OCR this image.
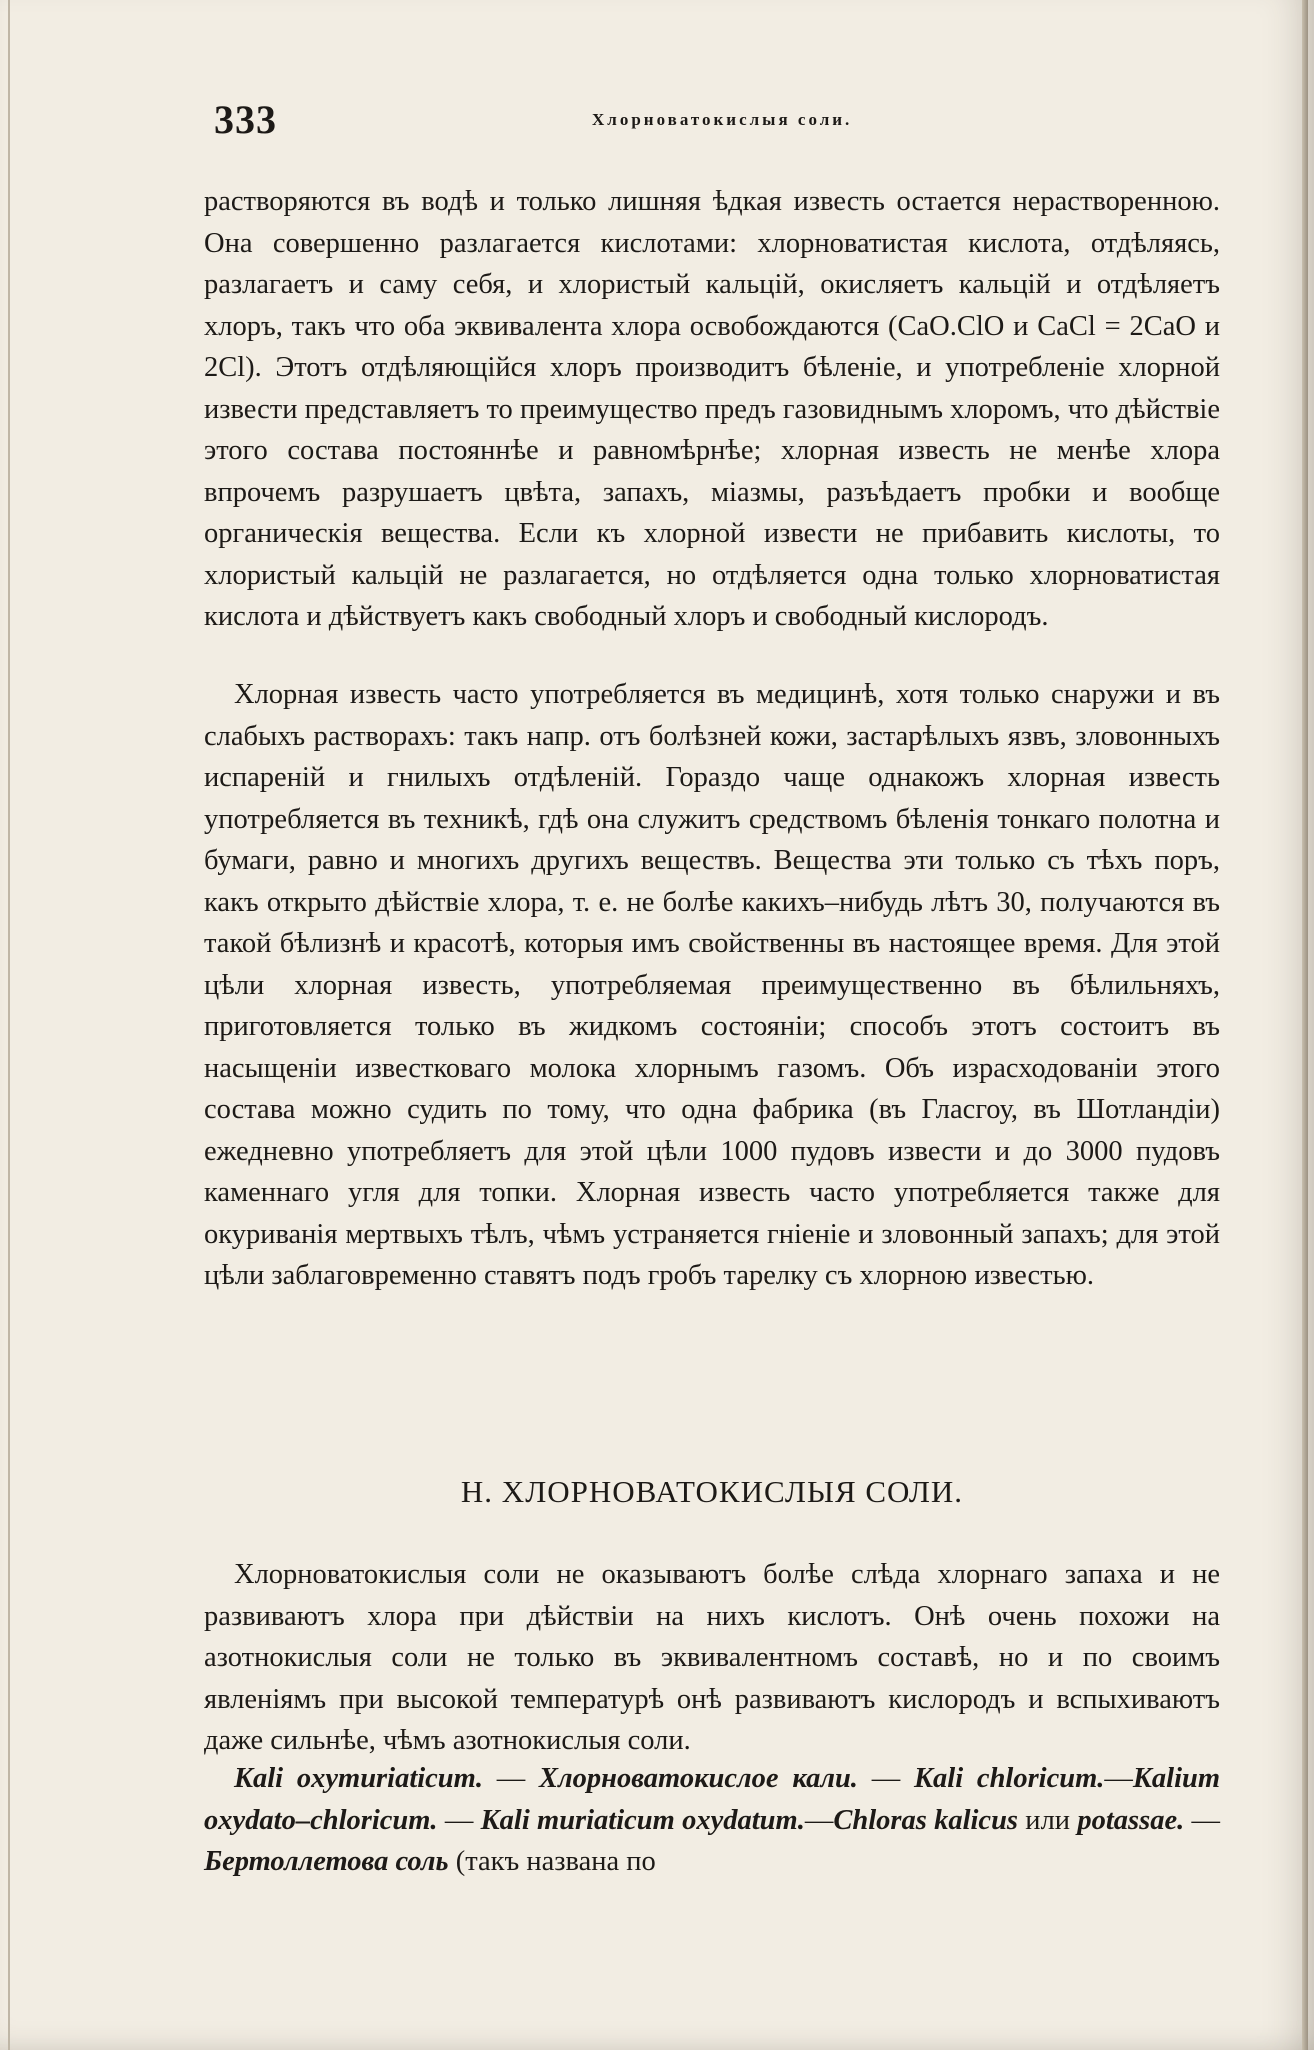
333	Хлорноватокислыя соли.

растворяются въ водѣ и только лишняя ѣдкая известь остается нерастворенною. Она совершенно разлагается кислотами: хлорноватистая кислота, отдѣляясь, разлагаетъ и саму себя, и хлористый кальцій, окисляетъ кальцій и отдѣляетъ хлоръ, такъ что оба эквивалента хлора освобождаются (СаО.СlО и СаСl = 2СаО и 2Сl). Этотъ отдѣляющійся хлоръ производитъ бѣленіе, и употребленіе хлорной извести представляетъ то преимущество предъ газовиднымъ хлоромъ, что дѣйствіе этого состава постояннѣе и равномѣрнѣе; хлорная известь не менѣе хлора впрочемъ разрушаетъ цвѣта, запахъ, міазмы, разъѣдаетъ пробки и вообще органическія вещества. Если къ хлорной извести не прибавить кислоты, то хлористый кальцій не разлагается, но отдѣляется одна только хлорноватистая кислота и дѣйствуетъ какъ свободный хлоръ и свободный кислородъ.

Хлорная известь часто употребляется въ медицинѣ, хотя только снаружи и въ слабыхъ растворахъ: такъ напр. отъ болѣзней кожи, застарѣлыхъ язвъ, зловонныхъ испареній и гнилыхъ отдѣленій. Гораздо чаще однакожъ хлорная известь употребляется въ техникѣ, гдѣ она служитъ средствомъ бѣленія тонкаго полотна и бумаги, равно и многихъ другихъ веществъ. Вещества эти только съ тѣхъ поръ, какъ открыто дѣйствіе хлора, т. е. не болѣе какихъ–нибудь лѣтъ 30, получаются въ такой бѣлизнѣ и красотѣ, которыя имъ свойственны въ настоящее время. Для этой цѣли хлорная известь, употребляемая преимущественно въ бѣлильняхъ, приготовляется только въ жидкомъ состояніи; способъ этотъ состоитъ въ насыщеніи известковаго молока хлорнымъ газомъ. Объ израсходованіи этого состава можно судить по тому, что одна фабрика (въ Гласгоу, въ Шотландіи) ежедневно употребляетъ для этой цѣли 1000 пудовъ извести и до 3000 пудовъ каменнаго угля для топки. Хлорная известь часто употребляется также для окуриванія мертвыхъ тѣлъ, чѣмъ устраняется гніеніе и зловонный запахъ; для этой цѣли заблаговременно ставятъ подъ гробъ тарелку съ хлорною известью.

Н. ХЛОРНОВАТОКИСЛЫЯ СОЛИ.

Хлорноватокислыя соли не оказываютъ болѣе слѣда хлорнаго запаха и не развиваютъ хлора при дѣйствіи на нихъ кислотъ. Онѣ очень похожи на азотнокислыя соли не только въ эквивалентномъ составѣ, но и по своимъ явленіямъ при высокой температурѣ онѣ развиваютъ кислородъ и вспыхиваютъ даже сильнѣе, чѣмъ азотнокислыя соли.

Kali oxymuriaticum. — Хлорноватокислое кали. — Kali chloricum.—Kalium oxydato–chloricum. — Kali muriaticum oxydatum.—Chloras kalicus или potassae. — Бертоллетова соль (такъ названа по
